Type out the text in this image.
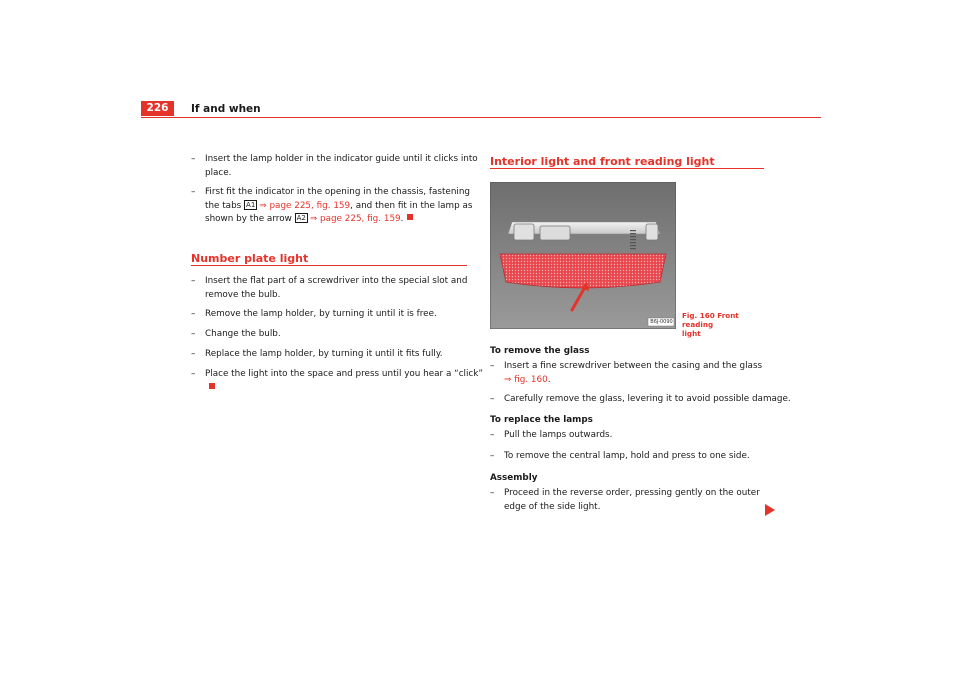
226	If and when
– Insert the lamp holder in the indicator guide until it clicks into place.
– First fit the indicator in the opening in the chassis, fastening the tabs A1 ⇒ page 225, fig. 159, and then fit in the lamp as shown by the arrow A2 ⇒ page 225, fig. 159.
Number plate light
– Insert the flat part of a screwdriver into the special slot and remove the bulb.
– Remove the lamp holder, by turning it until it is free.
– Change the bulb.
– Replace the lamp holder, by turning it until it fits fully.
– Place the light into the space and press until you hear a “click”
Interior light and front reading light
B6J-0090
Fig. 160 Front reading
light
To remove the glass
– Insert a fine screwdriver between the casing and the glass
⇒ fig. 160.
– Carefully remove the glass, levering it to avoid possible damage.
To replace the lamps
– Pull the lamps outwards.
– To remove the central lamp, hold and press to one side.
Assembly
– Proceed in the reverse order, pressing gently on the outer edge of the side light.
